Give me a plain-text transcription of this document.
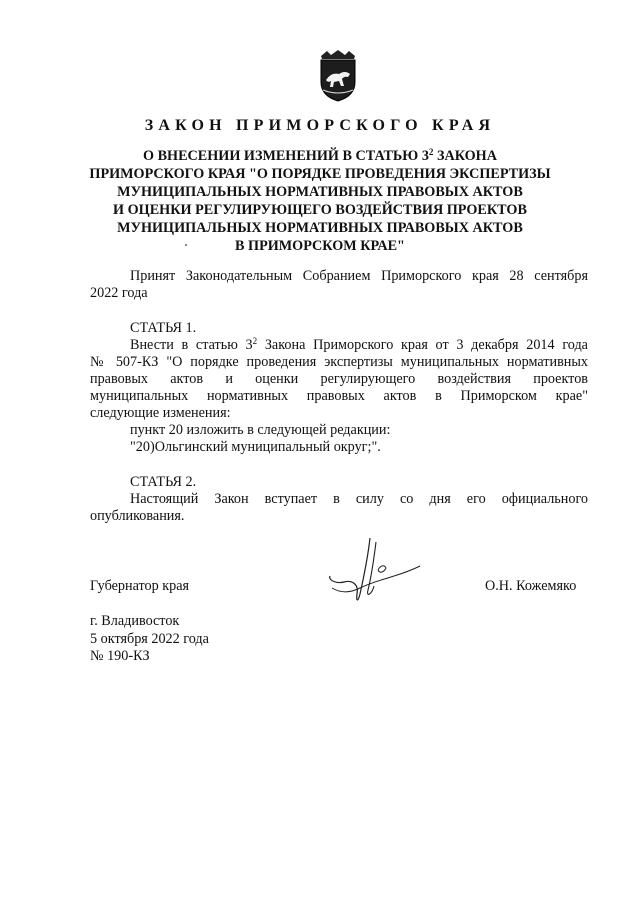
ЗАКОН ПРИМОРСКОГО КРАЯ
О ВНЕСЕНИИ ИЗМЕНЕНИЙ В СТАТЬЮ $3^2$ ЗАКОНА
ПРИМОРСКОГО КРАЯ "О ПОРЯДКЕ ПРОВЕДЕНИЯ ЭКСПЕРТИЗЫ
МУНИЦИПАЛЬНЫХ НОРМАТИВНЫХ ПРАВОВЫХ АКТОВ
И ОЦЕНКИ РЕГУЛИРУЮЩЕГО ВОЗДЕЙСТВИЯ ПРОЕКТОВ
МУНИЦИПАЛЬНЫХ НОРМАТИВНЫХ ПРАВОВЫХ АКТОВ
В ПРИМОРСКОМ КРАЕ"
Принят Законодательным Собранием Приморского края 28 сентября
2022 года
СТАТЬЯ 1.
Внести в статью $3^2$ Закона Приморского края от 3 декабря 2014 года
№ 507-КЗ "О порядке проведения экспертизы муниципальных нормативных
правовых актов и оценки регулирующего воздействия проектов
муниципальных нормативных правовых актов в Приморском крае"
следующие изменения:
пункт 20 изложить в следующей редакции:
"20)Ольгинский муниципальный округ;".
СТАТЬЯ 2.
Настоящий Закон вступает в силу со дня его официального
опубликования.
Губернатор края	О.Н. Кожемяко
г. Владивосток
5 октября 2022 года
№ 190-КЗ
